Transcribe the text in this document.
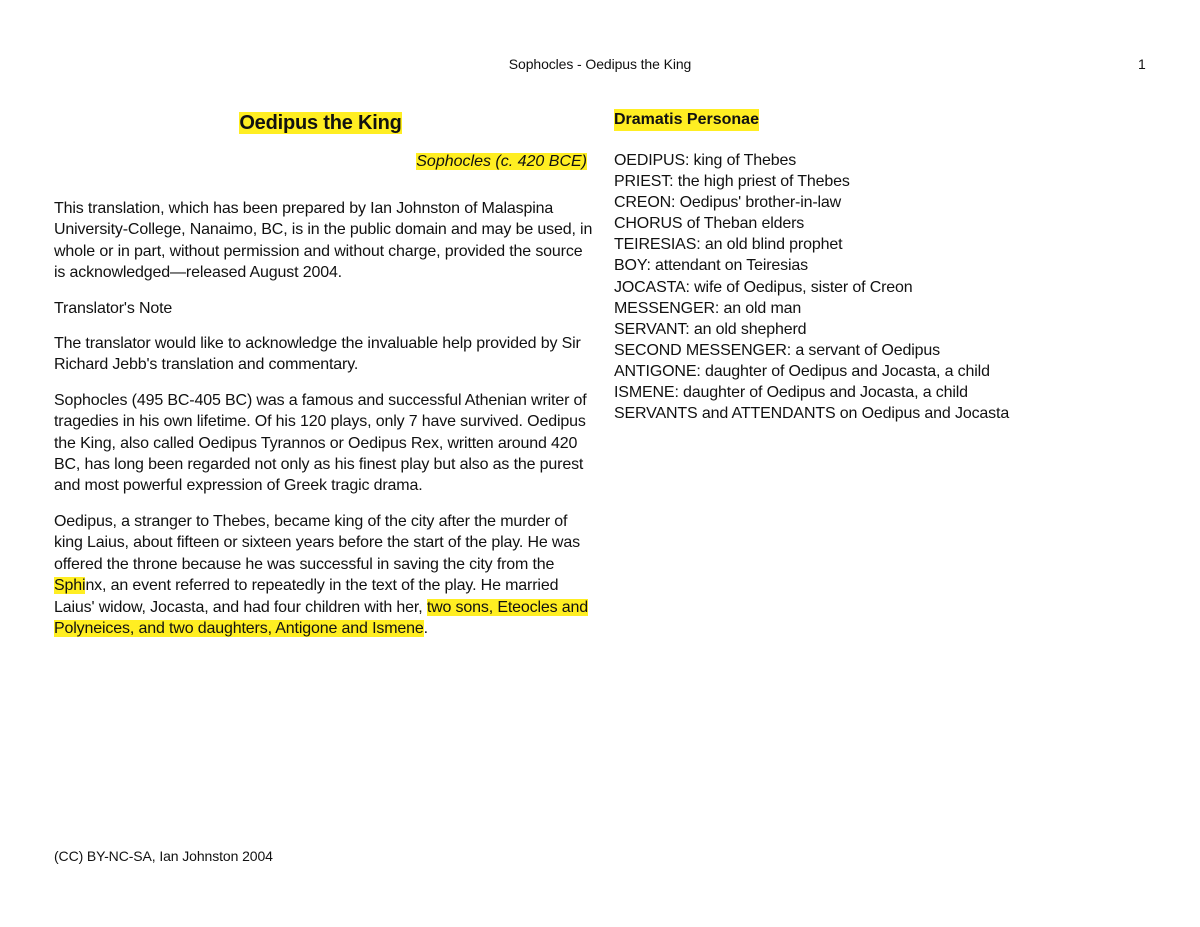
Sophocles - Oedipus the King	1
Oedipus the King
Sophocles (c. 420 BCE)

This translation, which has been prepared by Ian Johnston of Malaspina University-College, Nanaimo, BC, is in the public domain and may be used, in whole or in part, without permission and without charge, provided the source is acknowledged—released August 2004.

Translator's Note

The translator would like to acknowledge the invaluable help provided by Sir Richard Jebb's translation and commentary.

Sophocles (495 BC-405 BC) was a famous and successful Athenian writer of tragedies in his own lifetime. Of his 120 plays, only 7 have survived. Oedipus the King, also called Oedipus Tyrannos or Oedipus Rex, written around 420 BC, has long been regarded not only as his finest play but also as the purest and most powerful expression of Greek tragic drama.

Oedipus, a stranger to Thebes, became king of the city after the murder of king Laius, about fifteen or sixteen years before the start of the play. He was offered the throne because he was successful in saving the city from the Sphinx, an event referred to repeatedly in the text of the play. He married Laius' widow, Jocasta, and had four children with her, two sons, Eteocles and Polyneices, and two daughters, Antigone and Ismene.

Dramatis Personae
OEDIPUS: king of Thebes
PRIEST: the high priest of Thebes
CREON: Oedipus' brother-in-law
CHORUS of Theban elders
TEIRESIAS: an old blind prophet
BOY: attendant on Teiresias
JOCASTA: wife of Oedipus, sister of Creon
MESSENGER: an old man
SERVANT: an old shepherd
SECOND MESSENGER: a servant of Oedipus
ANTIGONE: daughter of Oedipus and Jocasta, a child
ISMENE: daughter of Oedipus and Jocasta, a child
SERVANTS and ATTENDANTS on Oedipus and Jocasta
(CC) BY-NC-SA, Ian Johnston 2004
